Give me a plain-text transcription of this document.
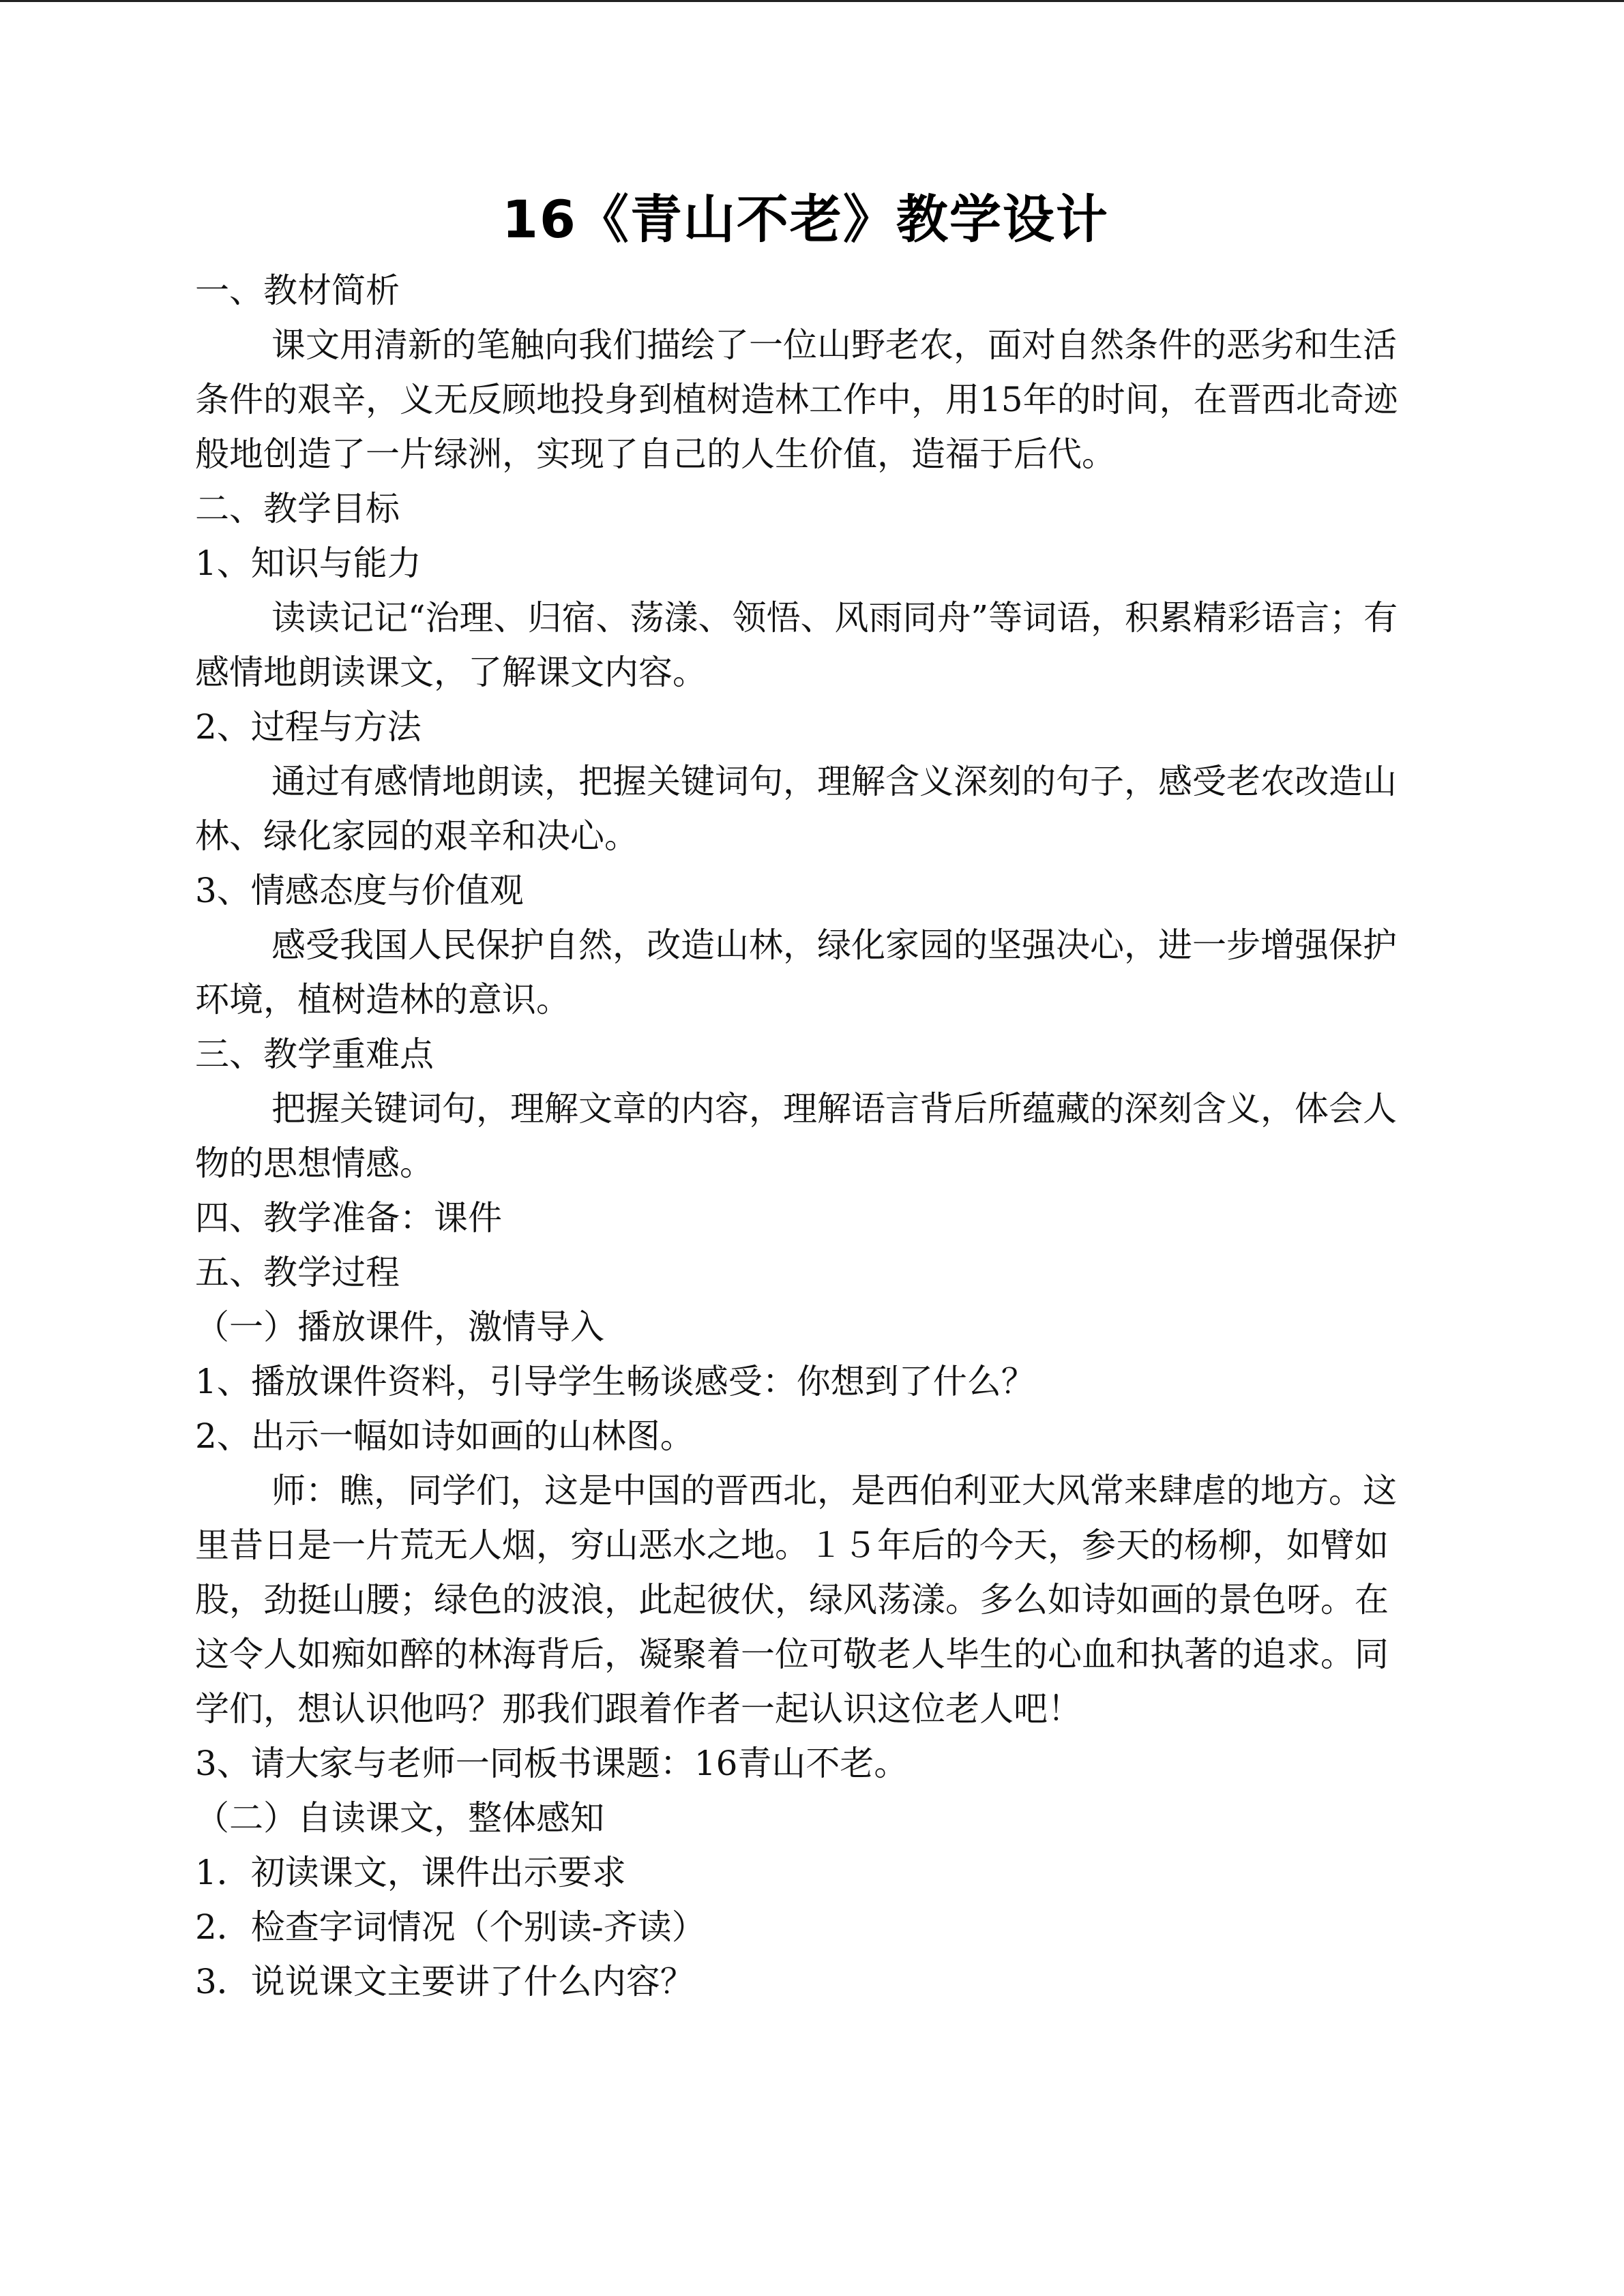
16《青山不老》教学设计

一、教材简析

课文用清新的笔触向我们描绘了一位山野老农，面对自然条件的恶劣和生活条件的艰辛，义无反顾地投身到植树造林工作中，用15年的时间，在晋西北奇迹般地创造了一片绿洲，实现了自己的人生价值，造福于后代。

二、教学目标

1、知识与能力

读读记记“治理、归宿、荡漾、领悟、风雨同舟”等词语，积累精彩语言；有感情地朗读课文，了解课文内容。

2、过程与方法

通过有感情地朗读，把握关键词句，理解含义深刻的句子，感受老农改造山林、绿化家园的艰辛和决心。

3、情感态度与价值观

感受我国人民保护自然，改造山林，绿化家园的坚强决心，进一步增强保护环境，植树造林的意识。

三、教学重难点

把握关键词句，理解文章的内容，理解语言背后所蕴藏的深刻含义，体会人物的思想情感。

四、教学准备：课件

五、教学过程

（一）播放课件，激情导入

1、播放课件资料，引导学生畅谈感受：你想到了什么？

2、出示一幅如诗如画的山林图。

师：瞧，同学们，这是中国的晋西北，是西伯利亚大风常来肆虐的地方。这里昔日是一片荒无人烟，穷山恶水之地。１５年后的今天，参天的杨柳，如臂如股，劲挺山腰；绿色的波浪，此起彼伏，绿风荡漾。多么如诗如画的景色呀。在这令人如痴如醉的林海背后，凝聚着一位可敬老人毕生的心血和执著的追求。同学们，想认识他吗？那我们跟着作者一起认识这位老人吧！

3、请大家与老师一同板书课题：16青山不老。

（二）自读课文，整体感知

1．初读课文，课件出示要求

2．检查字词情况（个别读-齐读）

3．说说课文主要讲了什么内容？
